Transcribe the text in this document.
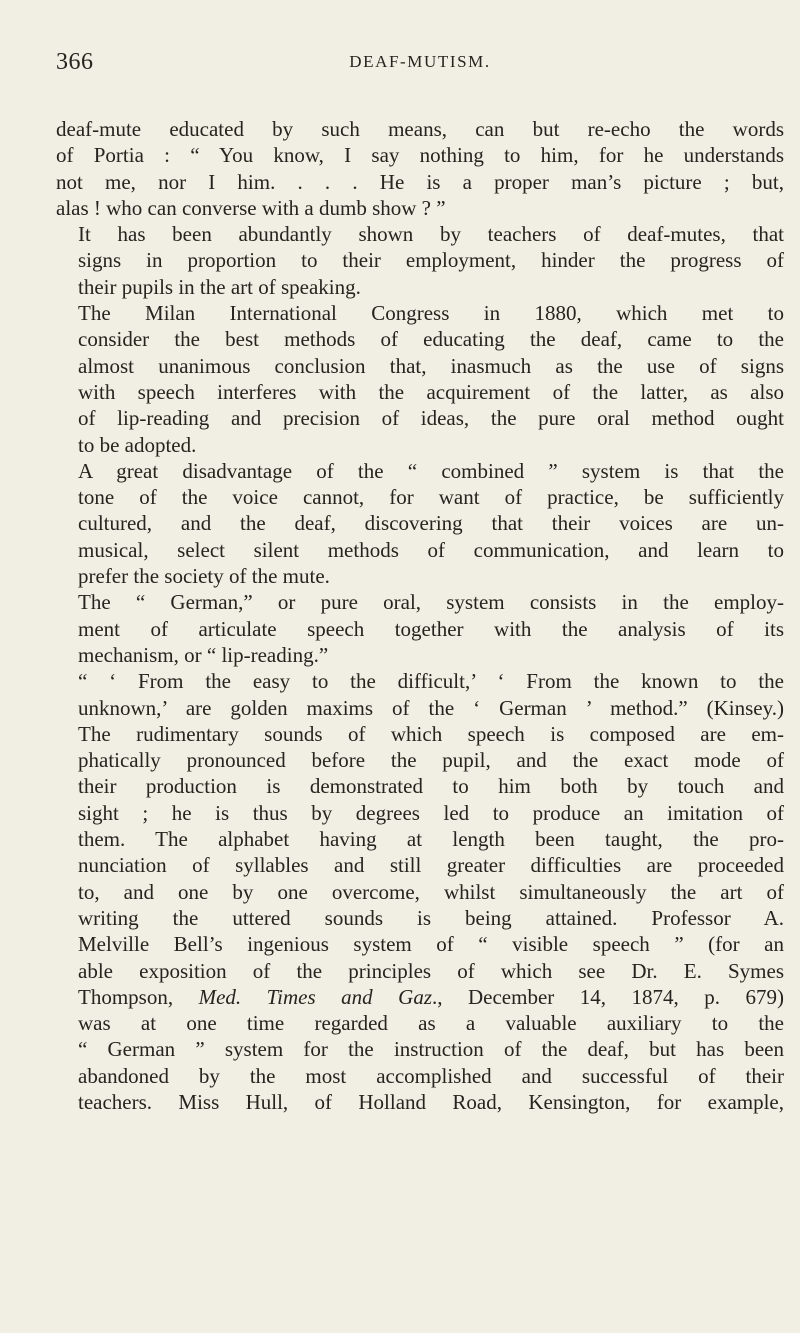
366	DEAF-MUTISM.

deaf-mute educated by such means, can but re-echo the words
of Portia : “ You know, I say nothing to him, for he understands
not me, nor I him. . . . He is a proper man’s picture ; but,
alas ! who can converse with a dumb show ? ”

It has been abundantly shown by teachers of deaf-mutes, that
signs in proportion to their employment, hinder the progress of
their pupils in the art of speaking.

The Milan International Congress in 1880, which met to
consider the best methods of educating the deaf, came to the
almost unanimous conclusion that, inasmuch as the use of signs
with speech interferes with the acquirement of the latter, as also
of lip-reading and precision of ideas, the pure oral method ought
to be adopted.

A great disadvantage of the “ combined ” system is that the
tone of the voice cannot, for want of practice, be sufficiently
cultured, and the deaf, discovering that their voices are un-
musical, select silent methods of communication, and learn to
prefer the society of the mute.

The “ German,” or pure oral, system consists in the employ-
ment of articulate speech together with the analysis of its
mechanism, or “ lip-reading.”

“ ‘ From the easy to the difficult,’ ‘ From the known to the
unknown,’ are golden maxims of the ‘ German ’ method.” (Kinsey.)
The rudimentary sounds of which speech is composed are em-
phatically pronounced before the pupil, and the exact mode of
their production is demonstrated to him both by touch and
sight ; he is thus by degrees led to produce an imitation of
them. The alphabet having at length been taught, the pro-
nunciation of syllables and still greater difficulties are proceeded
to, and one by one overcome, whilst simultaneously the art of
writing the uttered sounds is being attained. Professor A.
Melville Bell’s ingenious system of “ visible speech ” (for an
able exposition of the principles of which see Dr. E. Symes
Thompson, Med. Times and Gaz., December 14, 1874, p. 679)
was at one time regarded as a valuable auxiliary to the
“ German ” system for the instruction of the deaf, but has been
abandoned by the most accomplished and successful of their
teachers. Miss Hull, of Holland Road, Kensington, for example,
